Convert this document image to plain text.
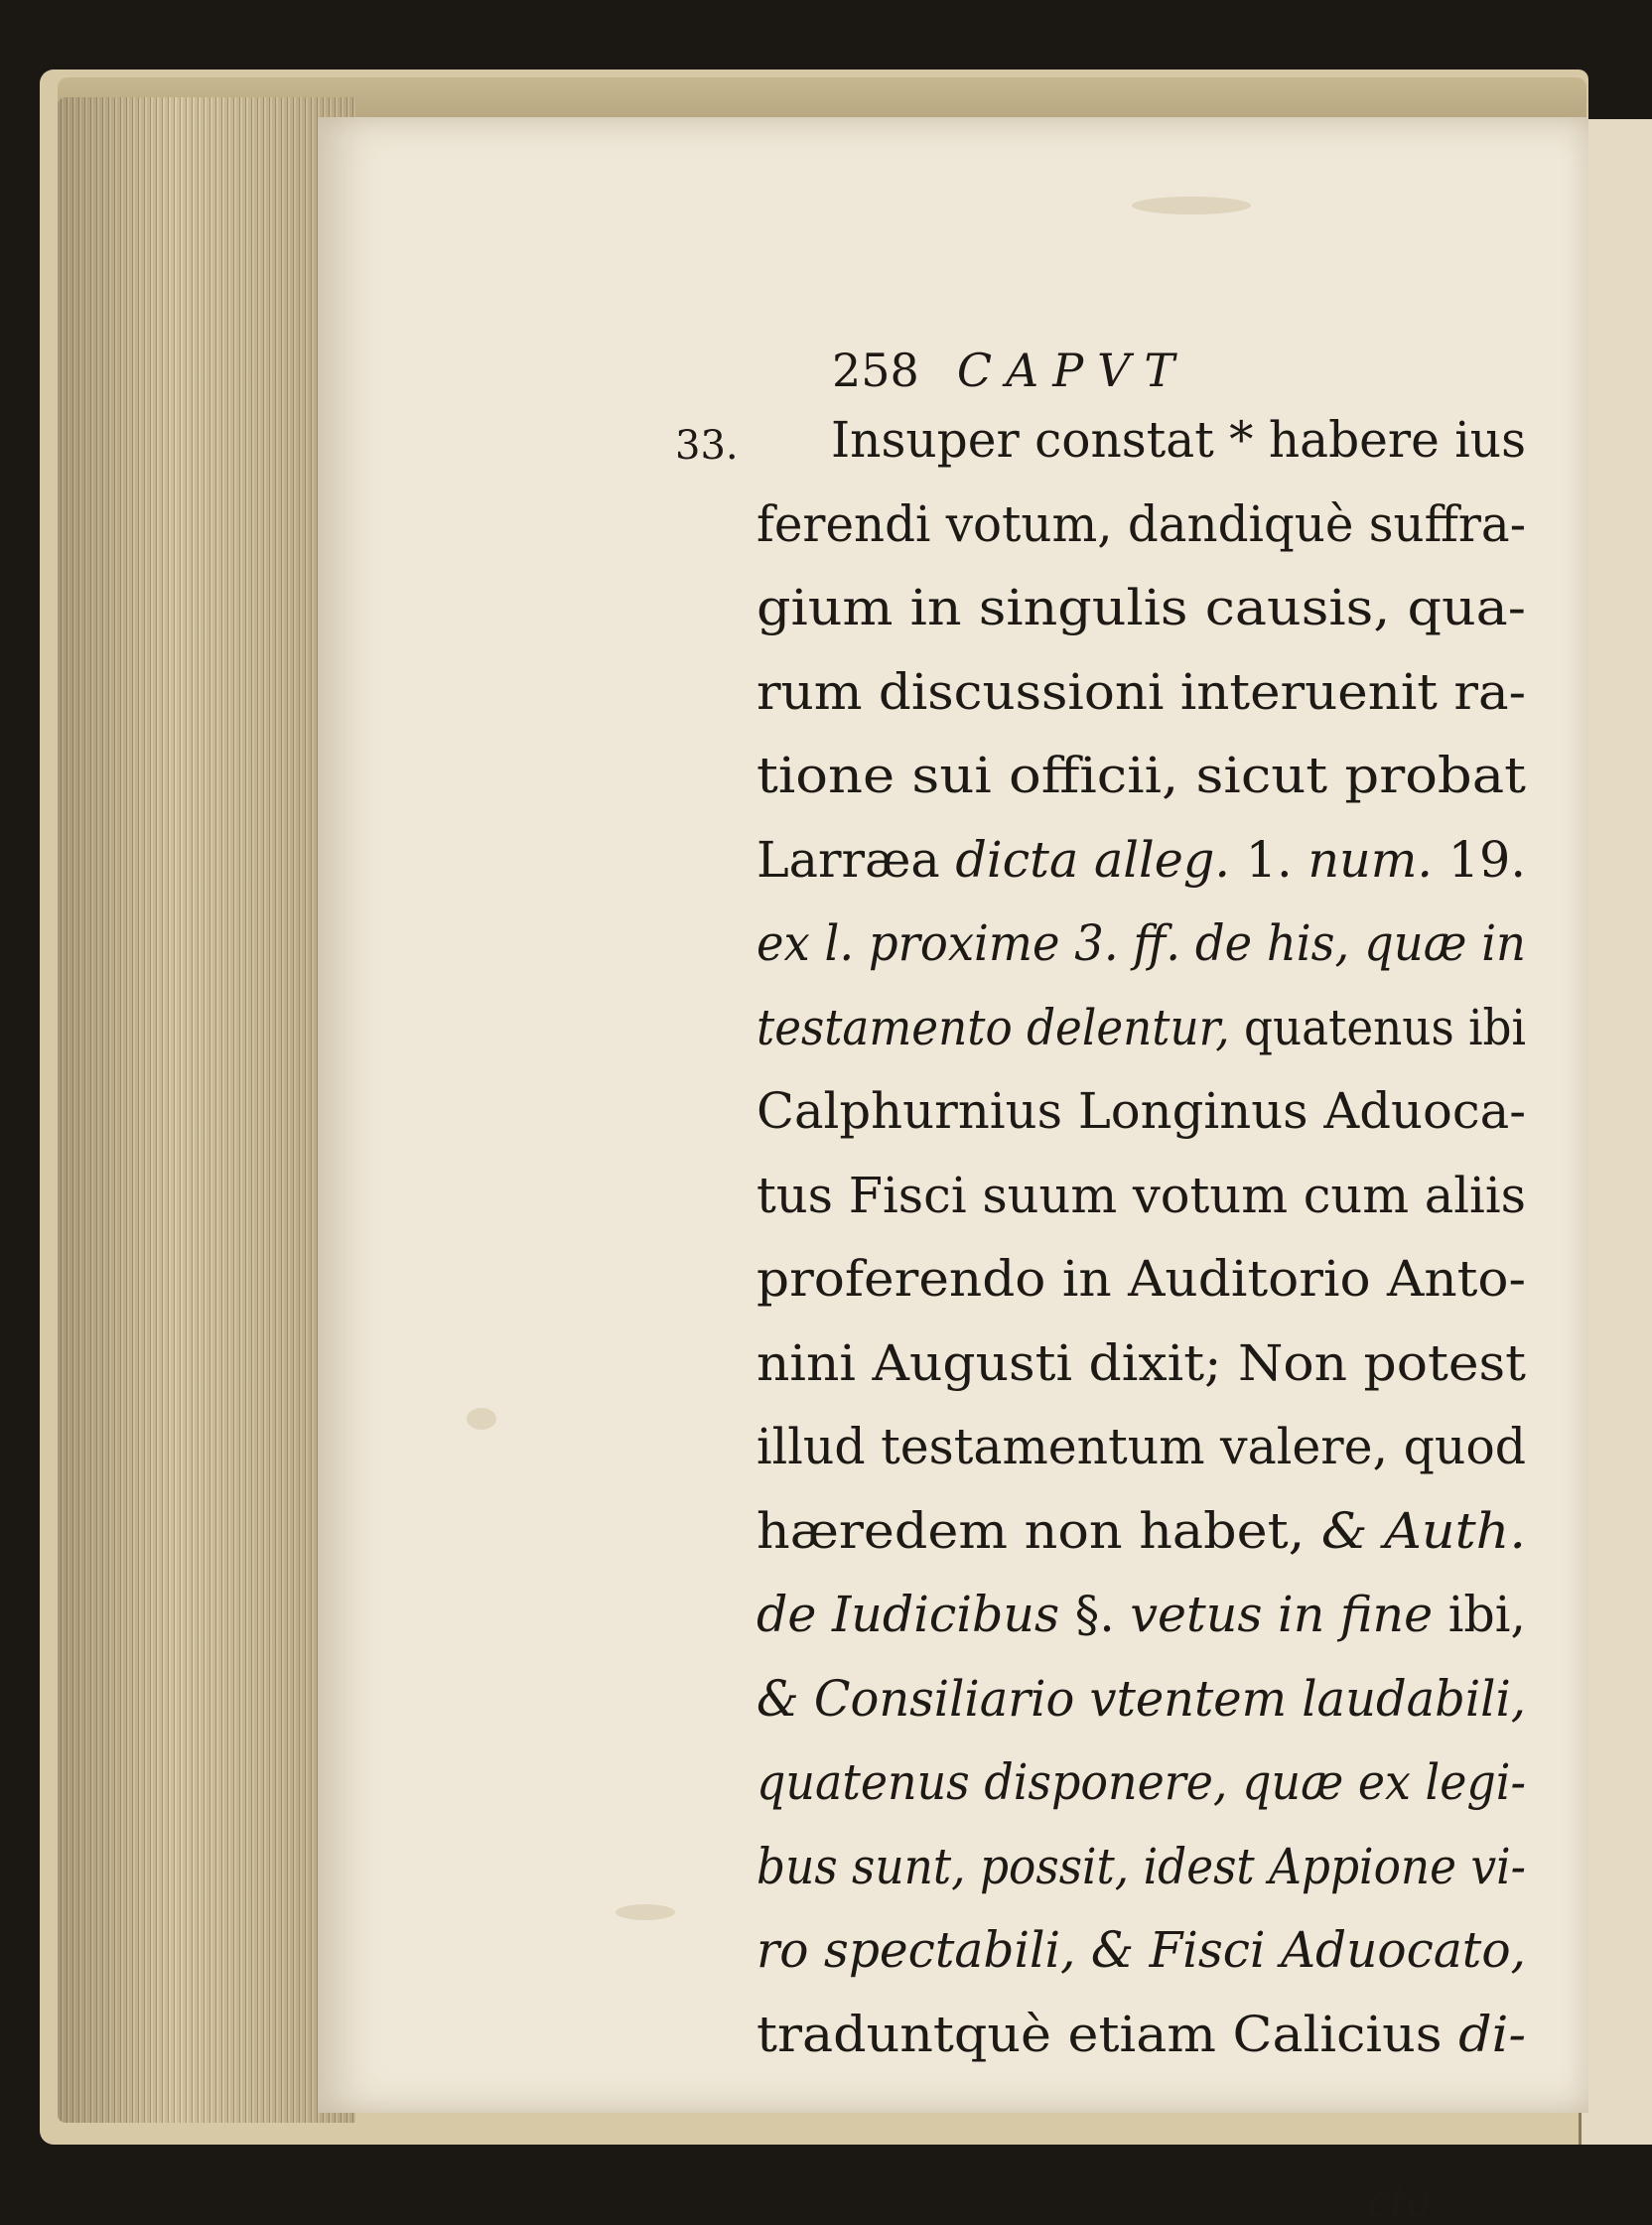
258 CAPVT
33. Insuper constat * habere ius
ferendi votum, dandiquè suffra-
gium in singulis causis, qua-
rum discussioni interuenit ra-
tione sui officii, sicut probat
Larræa dicta alleg. 1. num. 19.
ex l. proxime 3. ff. de his, quæ in
testamento delentur, quatenus ibi
Calphurnius Longinus Aduoca-
tus Fisci suum votum cum aliis
proferendo in Auditorio Anto-
nini Augusti dixit; Non potest
illud testamentum valere, quod
hæredem non habet, & Auth.
de Iudicibus §. vetus in fine ibi,
& Consiliario vtentem laudabili,
quatenus disponere, quæ ex legi-
bus sunt, possit, idest Appione vi-
ro spectabili, & Fisci Aduocato,
traduntquè etiam Calicius di-
cto
